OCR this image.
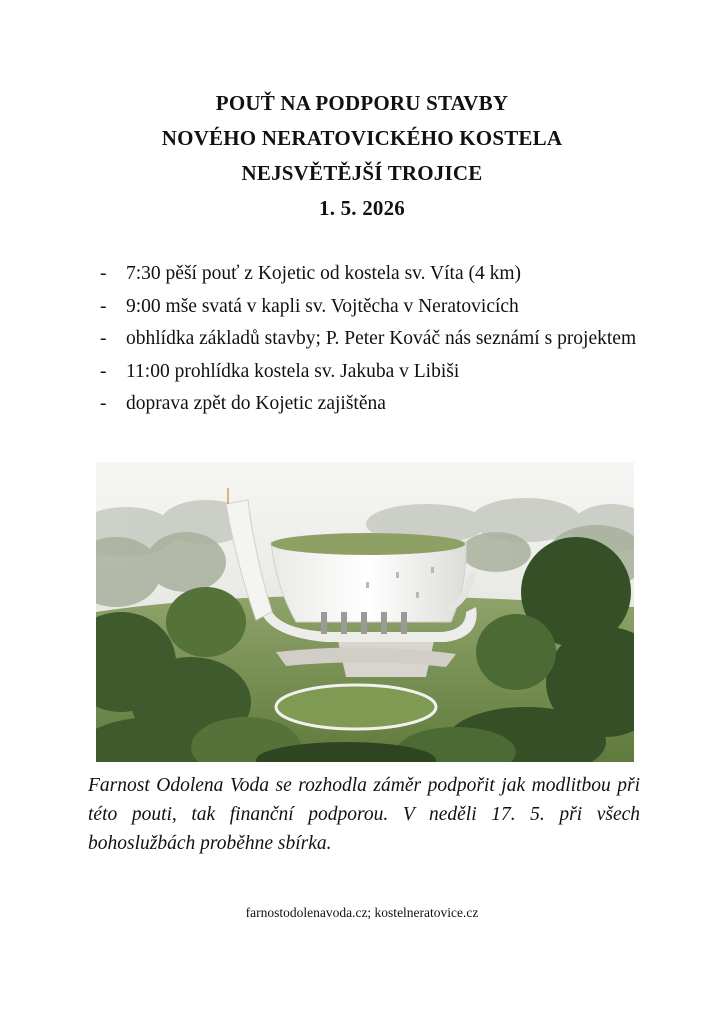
POUŤ NA PODPORU STAVBY
NOVÉHO NERATOVICKÉHO KOSTELA
NEJSVĚTĚJŠÍ TROJICE
1. 5. 2026
- 7:30 pěší pouť z Kojetic od kostela sv. Víta (4 km)
- 9:00 mše svatá v kapli sv. Vojtěcha v Neratovicích
- obhlídka základů stavby; P. Peter Kováč nás seznámí s projektem
- 11:00 prohlídka kostela sv. Jakuba v Libiši
- doprava zpět do Kojetic zajištěna
Farnost Odolena Voda se rozhodla záměr podpořit jak modlitbou při této pouti, tak finanční podporou. V neděli 17. 5. při všech bohoslužbách proběhne sbírka.
farnostodolenavoda.cz; kostelneratovice.cz
